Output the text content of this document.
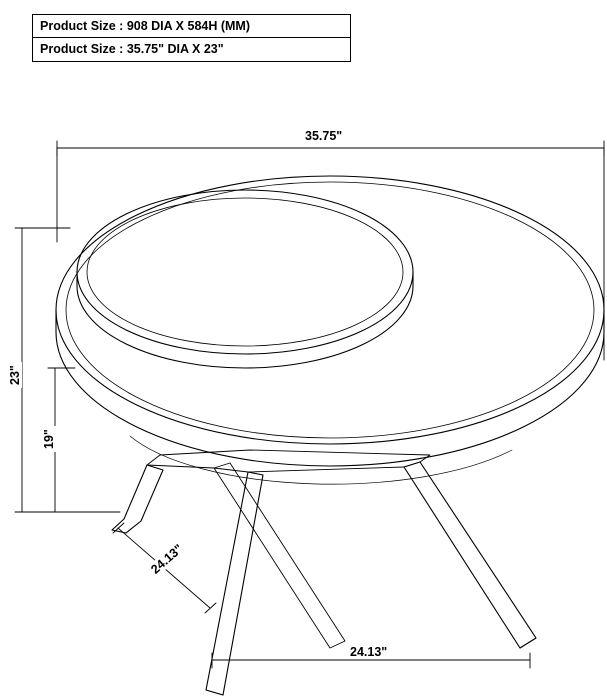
Product Size : 908 DIA X 584H (MM)
Product Size : 35.75" DIA X 23"
35.75"
23"
19"
24.13"
24.13"
